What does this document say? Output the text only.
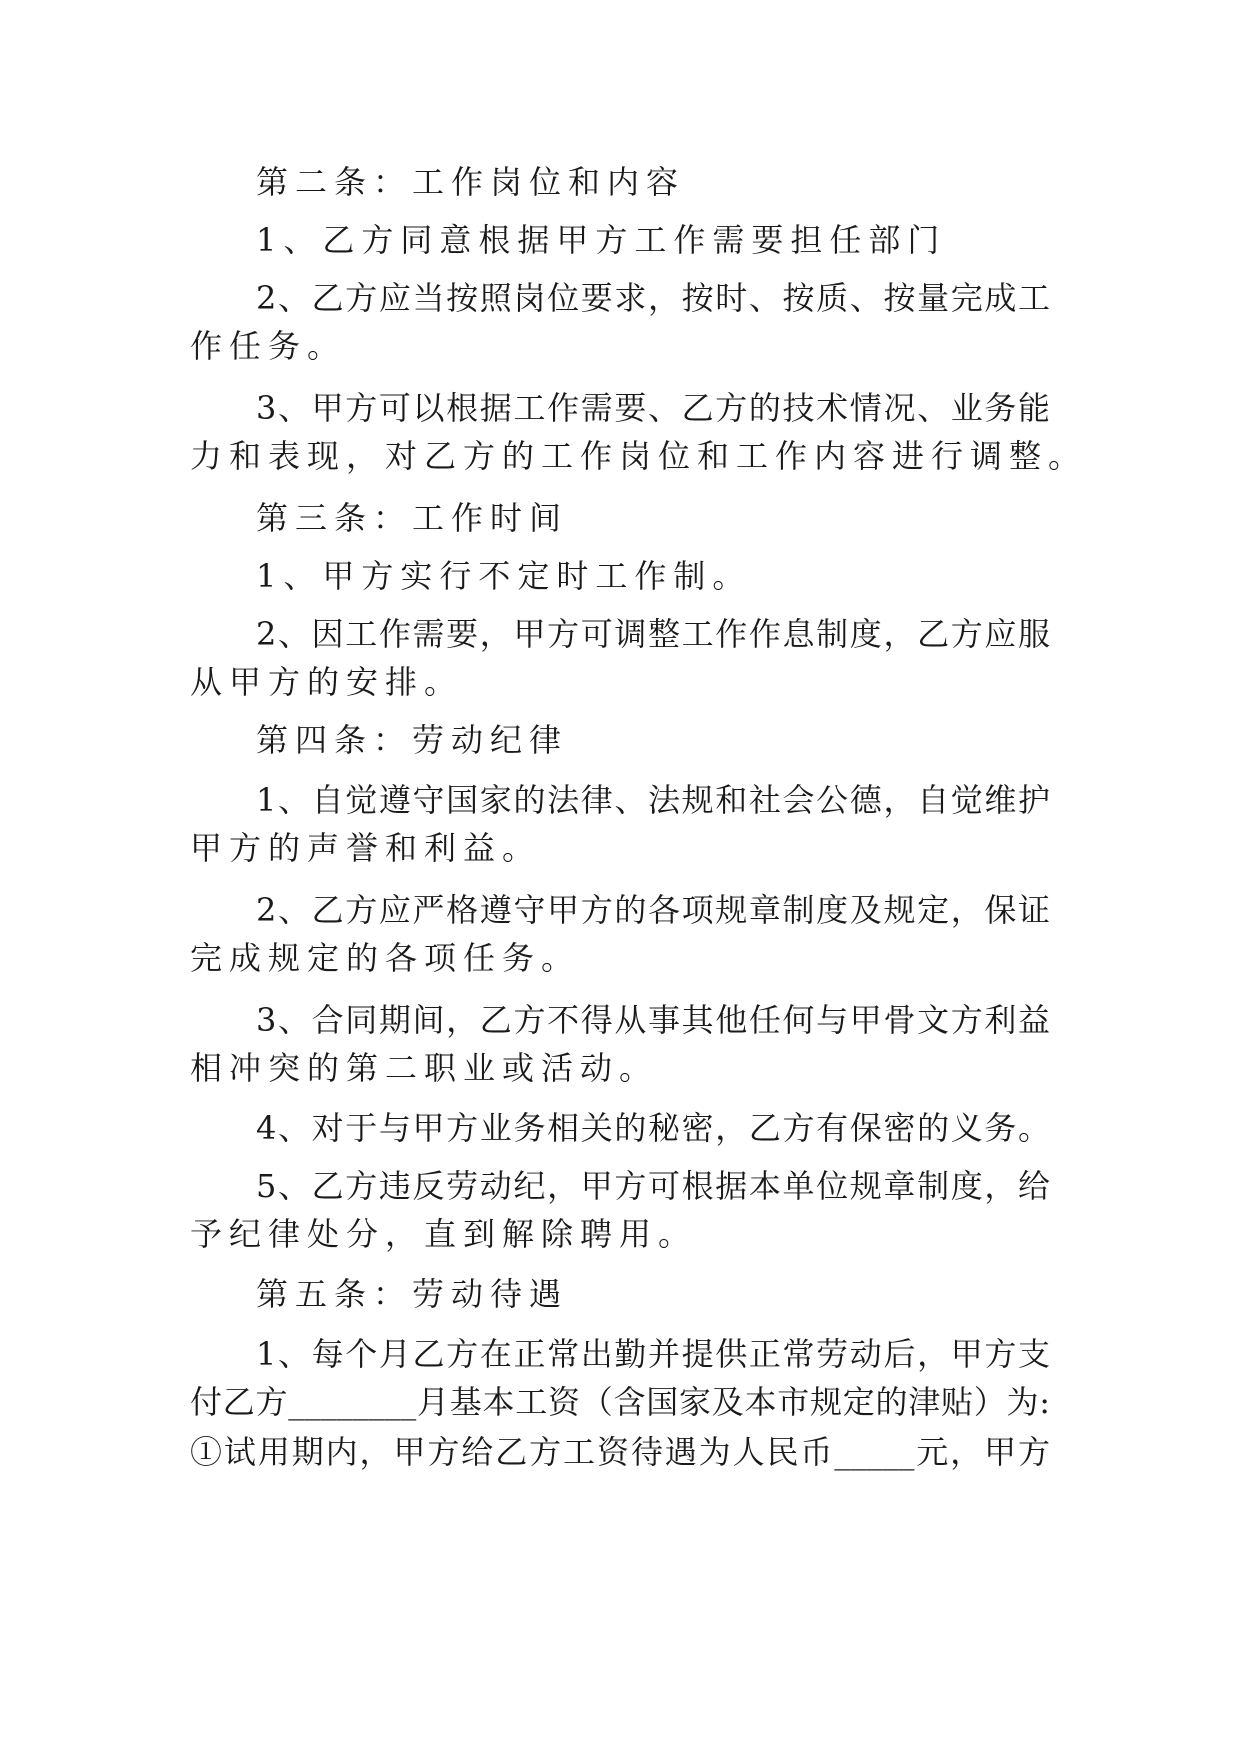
第二条：工作岗位和内容
1、乙方同意根据甲方工作需要担任部门
2、乙方应当按照岗位要求，按时、按质、按量完成工
作任务。
3、甲方可以根据工作需要、乙方的技术情况、业务能
力和表现，对乙方的工作岗位和工作内容进行调整。
第三条：工作时间
1、甲方实行不定时工作制。
2、因工作需要，甲方可调整工作作息制度，乙方应服
从甲方的安排。
第四条：劳动纪律
1、自觉遵守国家的法律、法规和社会公德，自觉维护
甲方的声誉和利益。
2、乙方应严格遵守甲方的各项规章制度及规定，保证
完成规定的各项任务。
3、合同期间，乙方不得从事其他任何与甲骨文方利益
相冲突的第二职业或活动。
4、对于与甲方业务相关的秘密，乙方有保密的义务。
5、乙方违反劳动纪，甲方可根据本单位规章制度，给
予纪律处分，直到解除聘用。
第五条：劳动待遇
1、每个月乙方在正常出勤并提供正常劳动后，甲方支
付乙方________月基本工资（含国家及本市规定的津贴）为:
①试用期内，甲方给乙方工资待遇为人民币_____元，甲方
